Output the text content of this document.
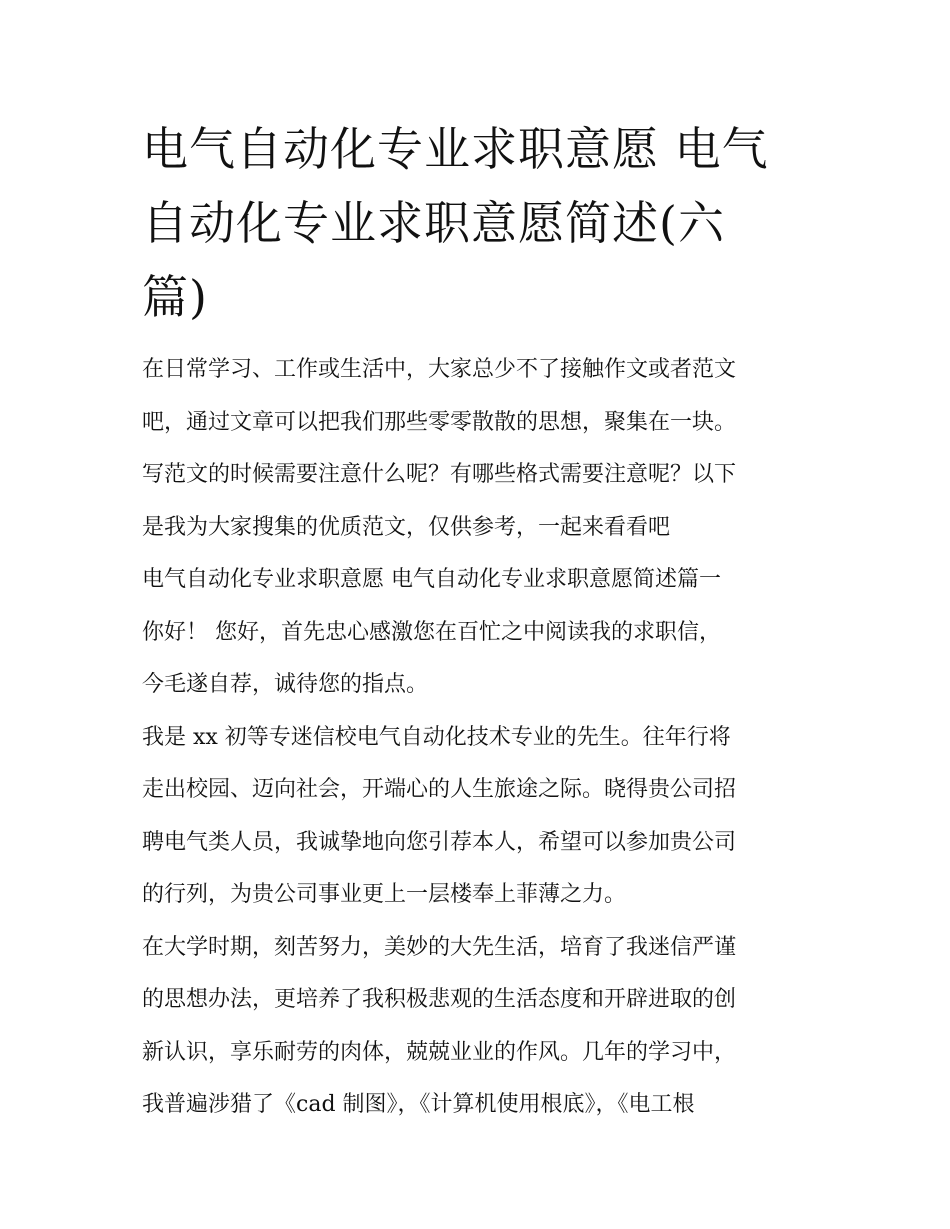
电气自动化专业求职意愿 电气
自动化专业求职意愿简述(六
篇)

在日常学习、工作或生活中，大家总少不了接触作文或者范文
吧，通过文章可以把我们那些零零散散的思想，聚集在一块。
写范文的时候需要注意什么呢？有哪些格式需要注意呢？以下
是我为大家搜集的优质范文，仅供参考，一起来看看吧

电气自动化专业求职意愿 电气自动化专业求职意愿简述篇一

你好！ 您好，首先忠心感激您在百忙之中阅读我的求职信，
今毛遂自荐，诚待您的指点。

我是 xx 初等专迷信校电气自动化技术专业的先生。往年行将
走出校园、迈向社会，开端心的人生旅途之际。晓得贵公司招
聘电气类人员，我诚挚地向您引荐本人，希望可以参加贵公司
的行列，为贵公司事业更上一层楼奉上菲薄之力。

在大学时期，刻苦努力，美妙的大先生活，培育了我迷信严谨
的思想办法，更培养了我积极悲观的生活态度和开辟进取的创
新认识，享乐耐劳的肉体，兢兢业业的作风。几年的学习中，
我普遍涉猎了《cad 制图》，《计算机使用根底》，《电工根
